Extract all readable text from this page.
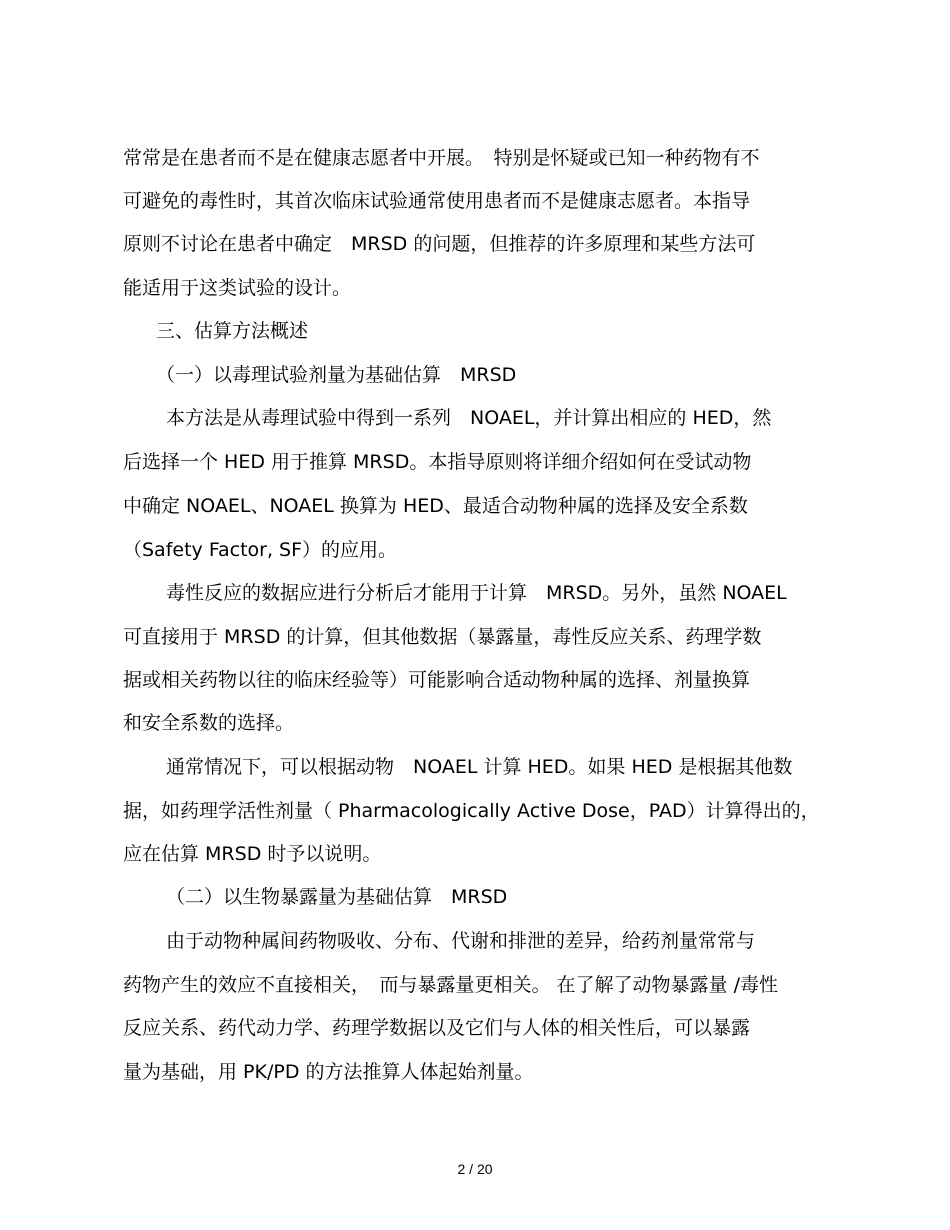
常常是在患者而不是在健康志愿者中开展。　特别是怀疑或已知一种药物有不
可避免的毒性时，其首次临床试验通常使用患者而不是健康志愿者。本指导
原则不讨论在患者中确定　MRSD 的问题，但推荐的许多原理和某些方法可
能适用于这类试验的设计。
三、估算方法概述
（一）以毒理试验剂量为基础估算　MRSD
本方法是从毒理试验中得到一系列　NOAEL，并计算出相应的 HED，然
后选择一个 HED 用于推算 MRSD。本指导原则将详细介绍如何在受试动物
中确定 NOAEL、NOAEL 换算为 HED、最适合动物种属的选择及安全系数
（Safety Factor, SF）的应用。
毒性反应的数据应进行分析后才能用于计算　MRSD。另外，虽然 NOAEL
可直接用于 MRSD 的计算，但其他数据（暴露量，毒性反应关系、药理学数
据或相关药物以往的临床经验等）可能影响合适动物种属的选择、剂量换算
和安全系数的选择。
通常情况下，可以根据动物　NOAEL 计算 HED。如果 HED 是根据其他数
据，如药理学活性剂量（ Pharmacologically Active Dose，PAD）计算得出的，
应在估算 MRSD 时予以说明。
（二）以生物暴露量为基础估算　MRSD
由于动物种属间药物吸收、分布、代谢和排泄的差异，给药剂量常常与
药物产生的效应不直接相关，　而与暴露量更相关。 在了解了动物暴露量 /毒性
反应关系、药代动力学、药理学数据以及它们与人体的相关性后，可以暴露
量为基础，用 PK/PD 的方法推算人体起始剂量。
2 / 20
